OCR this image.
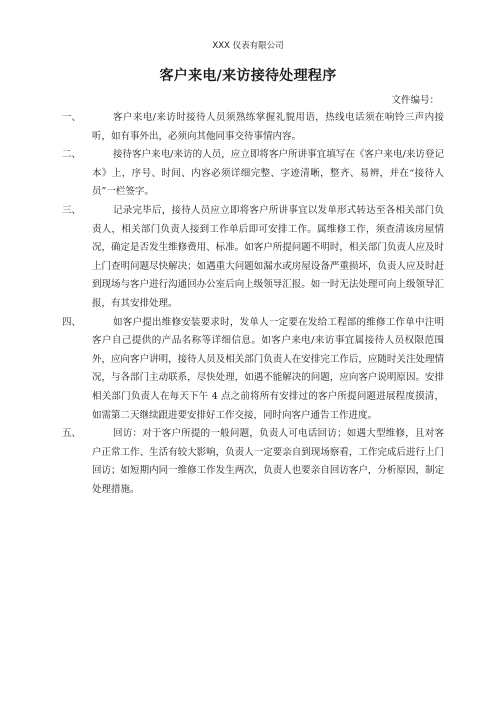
XXX 仪表有限公司
客户来电/来访接待处理程序
文件编号：
一、	客户来电/来访时接待人员须熟练掌握礼貌用语，热线电话须在响铃三声内接听，如有事外出，必须向其他同事交待事情内容。
二、	接待客户来电/来访的人员，应立即将客户所讲事宜填写在《客户来电/来访登记本》上，序号、时间、内容必须详细完整、字迹清晰，整齐、易辨，并在“接待人员”一栏签字。
三、	记录完毕后，接待人员应立即将客户所讲事宜以发单形式转达至各相关部门负责人，相关部门负责人接到工作单后即可安排工作。属维修工作，须查清该房屋情况，确定是否发生维修费用、标准。如客户所提问题不明时，相关部门负责人应及时上门查明问题尽快解决；如遇重大问题如漏水或房屋设备严重损坏，负责人应及时赶到现场与客户进行沟通回办公室后向上级领导汇报。如一时无法处理可向上级领导汇报，有其安排处理。
四、	如客户提出维修安装要求时，发单人一定要在发给工程部的维修工作单中注明客户自己提供的产品名称等详细信息。如客户来电/来访事宜属接待人员权限范围外，应向客户讲明，接待人员及相关部门负责人在安排完工作后，应随时关注处理情况，与各部门主动联系，尽快处理，如遇不能解决的问题，应向客户说明原因。安排相关部门负责人在每天下午 4 点之前将所有安排过的客户所提问题进展程度摸清，如需第二天继续跟进要安排好工作交接，同时向客户通告工作进度。
五、	回访：对于客户所提的一般问题，负责人可电话回访；如遇大型维修，且对客户正常工作、生活有较大影响，负责人一定要亲自到现场察看，工作完成后进行上门回访；如短期内同一维修工作发生两次，负责人也要亲自回访客户，分析原因，制定处理措施。
